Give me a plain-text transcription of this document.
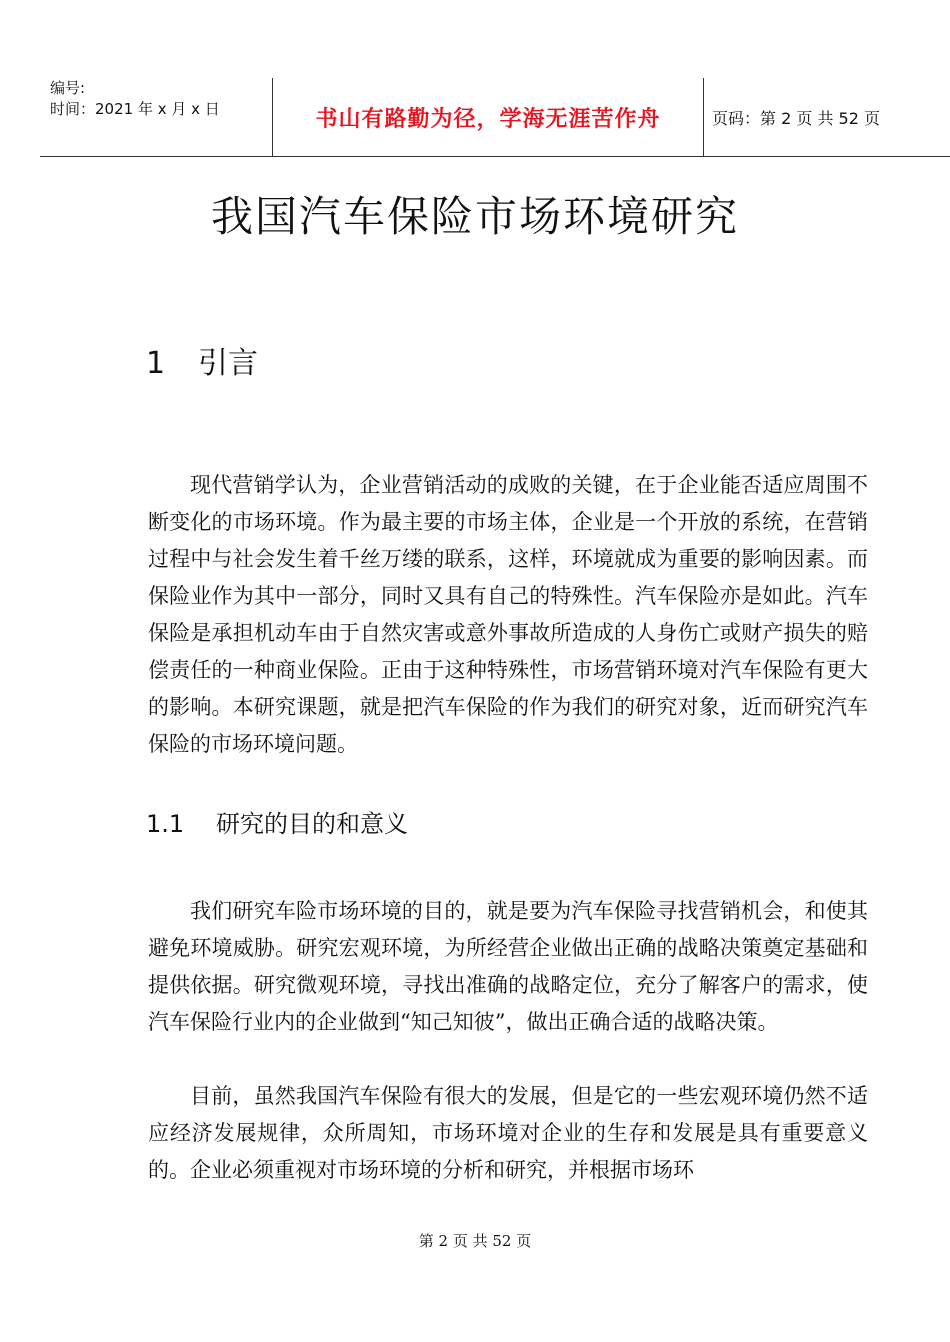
编号:
时间：2021 年 x 月 x 日	书山有路勤为径，学海无涯苦作舟	页码：第 2 页 共 52 页
我国汽车保险市场环境研究
1 引言

现代营销学认为，企业营销活动的成败的关键，在于企业能否适应周围不断变化的市场环境。作为最主要的市场主体，企业是一个开放的系统，在营销过程中与社会发生着千丝万缕的联系，这样，环境就成为重要的影响因素。而保险业作为其中一部分，同时又具有自己的特殊性。汽车保险亦是如此。汽车保险是承担机动车由于自然灾害或意外事故所造成的人身伤亡或财产损失的赔偿责任的一种商业保险。正由于这种特殊性，市场营销环境对汽车保险有更大的影响。本研究课题，就是把汽车保险的作为我们的研究对象，近而研究汽车保险的市场环境问题。

1.1 研究的目的和意义

我们研究车险市场环境的目的，就是要为汽车保险寻找营销机会，和使其避免环境威胁。研究宏观环境，为所经营企业做出正确的战略决策奠定基础和提供依据。研究微观环境，寻找出准确的战略定位，充分了解客户的需求，使汽车保险行业内的企业做到“知己知彼”，做出正确合适的战略决策。

目前，虽然我国汽车保险有很大的发展，但是它的一些宏观环境仍然不适应经济发展规律，众所周知，市场环境对企业的生存和发展是具有重要意义的。企业必须重视对市场环境的分析和研究，并根据市场环

第 2 页 共 52 页
